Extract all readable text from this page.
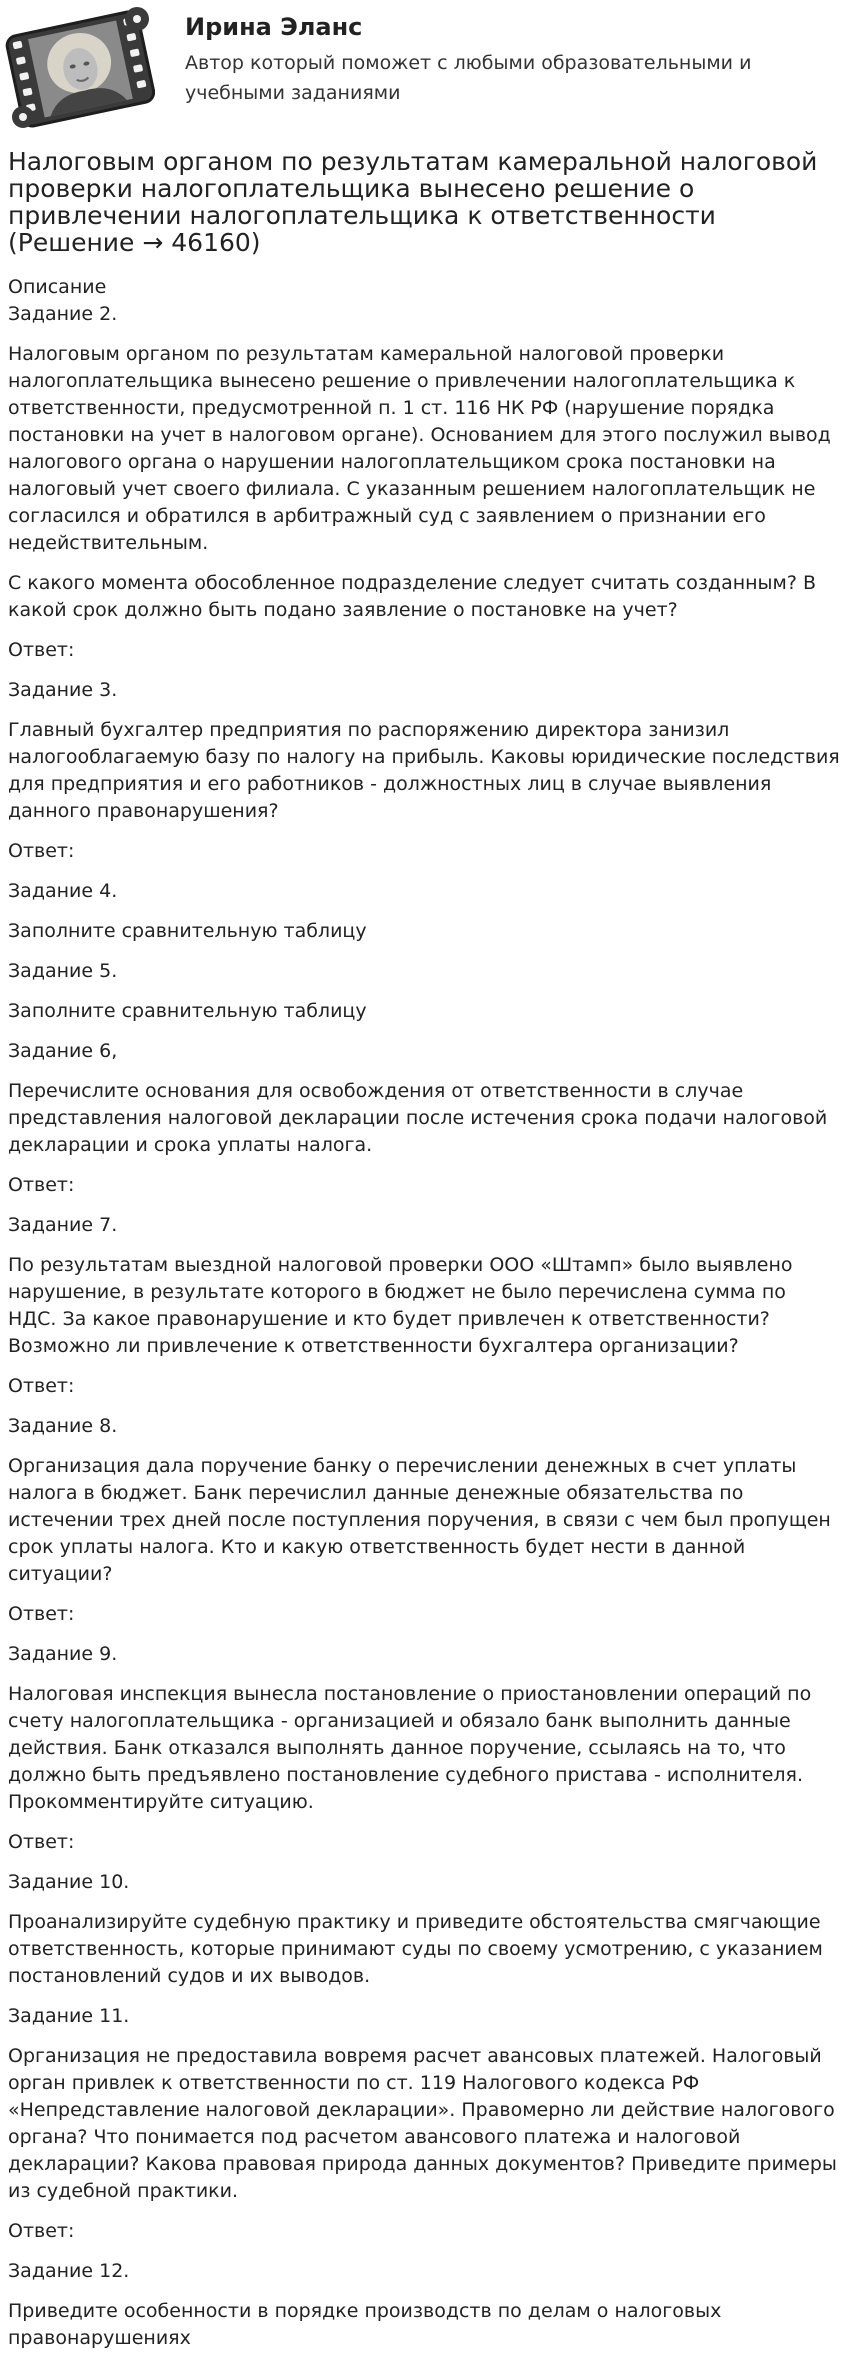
Ирина Эланс
Автор который поможет с любыми образовательными и учебными заданиями
Налоговым органом по результатам камеральной налоговой проверки налогоплательщика вынесено решение о привлечении налогоплательщика к ответственности (Решение → 46160)

Описание

Задание 2.

Налоговым органом по результатам камеральной налоговой проверки налогоплательщика вынесено решение о привлечении налогоплательщика к ответственности, предусмотренной п. 1 ст. 116 НК РФ (нарушение порядка постановки на учет в налоговом органе). Основанием для этого послужил вывод налогового органа о нарушении налогоплательщиком срока постановки на налоговый учет своего филиала. С указанным решением налогоплательщик не согласился и обратился в арбитражный суд с заявлением о признании его недействительным.

С какого момента обособленное подразделение следует считать созданным? В какой срок должно быть подано заявление о постановке на учет?

Ответ:

Задание 3.

Главный бухгалтер предприятия по распоряжению директора занизил налогооблагаемую базу по налогу на прибыль. Каковы юридические последствия для предприятия и его работников - должностных лиц в случае выявления данного правонарушения?

Ответ:

Задание 4.

Заполните сравнительную таблицу

Задание 5.

Заполните сравнительную таблицу

Задание 6,

Перечислите основания для освобождения от ответственности в случае представления налоговой декларации после истечения срока подачи налоговой декларации и срока уплаты налога.

Ответ:

Задание 7.

По результатам выездной налоговой проверки ООО «Штамп» было выявлено нарушение, в результате которого в бюджет не было перечислена сумма по НДС. За какое правонарушение и кто будет привлечен к ответственности? Возможно ли привлечение к ответственности бухгалтера организации?

Ответ:

Задание 8.

Организация дала поручение банку о перечислении денежных в счет уплаты налога в бюджет. Банк перечислил данные денежные обязательства по истечении трех дней после поступления поручения, в связи с чем был пропущен срок уплаты налога. Кто и какую ответственность будет нести в данной ситуации?

Ответ:

Задание 9.

Налоговая инспекция вынесла постановление о приостановлении операций по счету налогоплательщика - организацией и обязало банк выполнить данные действия. Банк отказался выполнять данное поручение, ссылаясь на то, что должно быть предъявлено постановление судебного пристава - исполнителя. Прокомментируйте ситуацию.

Ответ:

Задание 10.

Проанализируйте судебную практику и приведите обстоятельства смягчающие ответственность, которые принимают суды по своему усмотрению, с указанием постановлений судов и их выводов.

Задание 11.

Организация не предоставила вовремя расчет авансовых платежей. Налоговый орган привлек к ответственности по ст. 119 Налогового кодекса РФ «Непредставление налоговой декларации». Правомерно ли действие налогового органа? Что понимается под расчетом авансового платежа и налоговой декларации? Какова правовая природа данных документов? Приведите примеры из судебной практики.

Ответ:

Задание 12.

Приведите особенности в порядке производств по делам о налоговых правонарушениях
